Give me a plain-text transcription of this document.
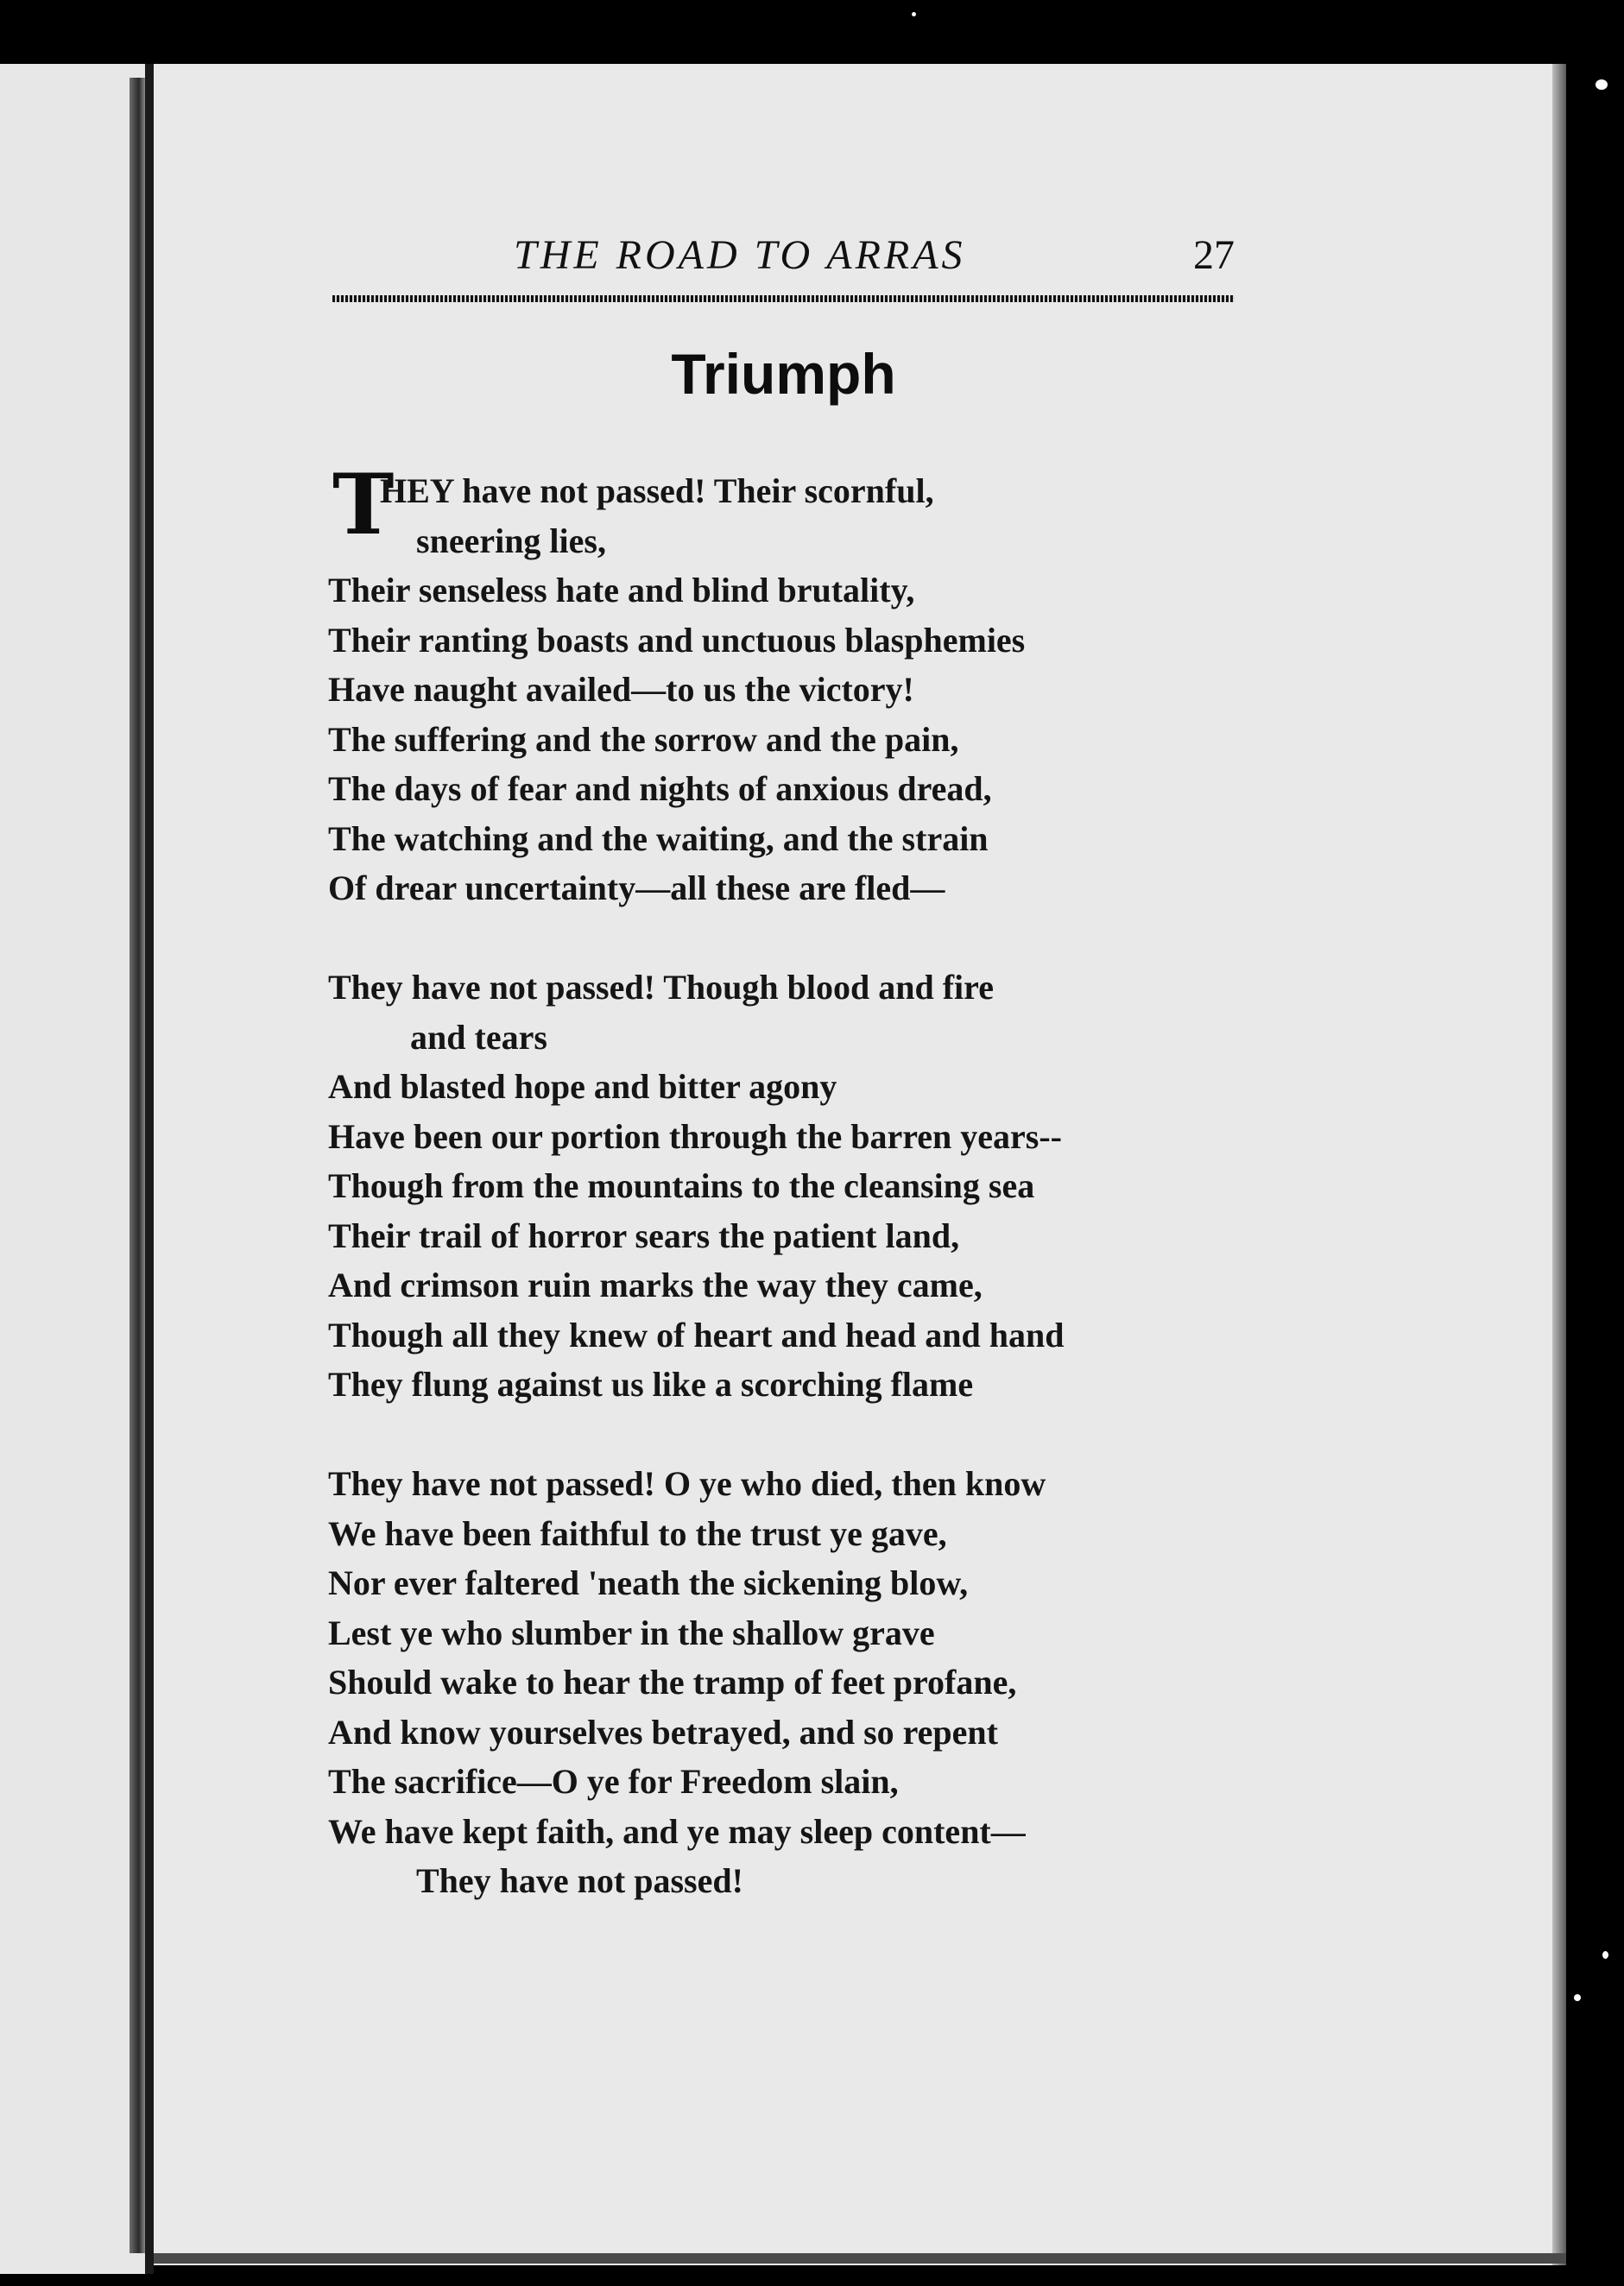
THE ROAD TO ARRAS	27
Triumph
T
HEY have not passed! Their scornful,
sneering lies,
Their senseless hate and blind brutality,
Their ranting boasts and unctuous blasphemies
Have naught availed—to us the victory!
The suffering and the sorrow and the pain,
The days of fear and nights of anxious dread,
The watching and the waiting, and the strain
Of drear uncertainty—all these are fled—
They have not passed! Though blood and fire
and tears
And blasted hope and bitter agony
Have been our portion through the barren years--
Though from the mountains to the cleansing sea
Their trail of horror sears the patient land,
And crimson ruin marks the way they came,
Though all they knew of heart and head and hand
They flung against us like a scorching flame
They have not passed! O ye who died, then know
We have been faithful to the trust ye gave,
Nor ever faltered 'neath the sickening blow,
Lest ye who slumber in the shallow grave
Should wake to hear the tramp of feet profane,
And know yourselves betrayed, and so repent
The sacrifice—O ye for Freedom slain,
We have kept faith, and ye may sleep content—
They have not passed!
